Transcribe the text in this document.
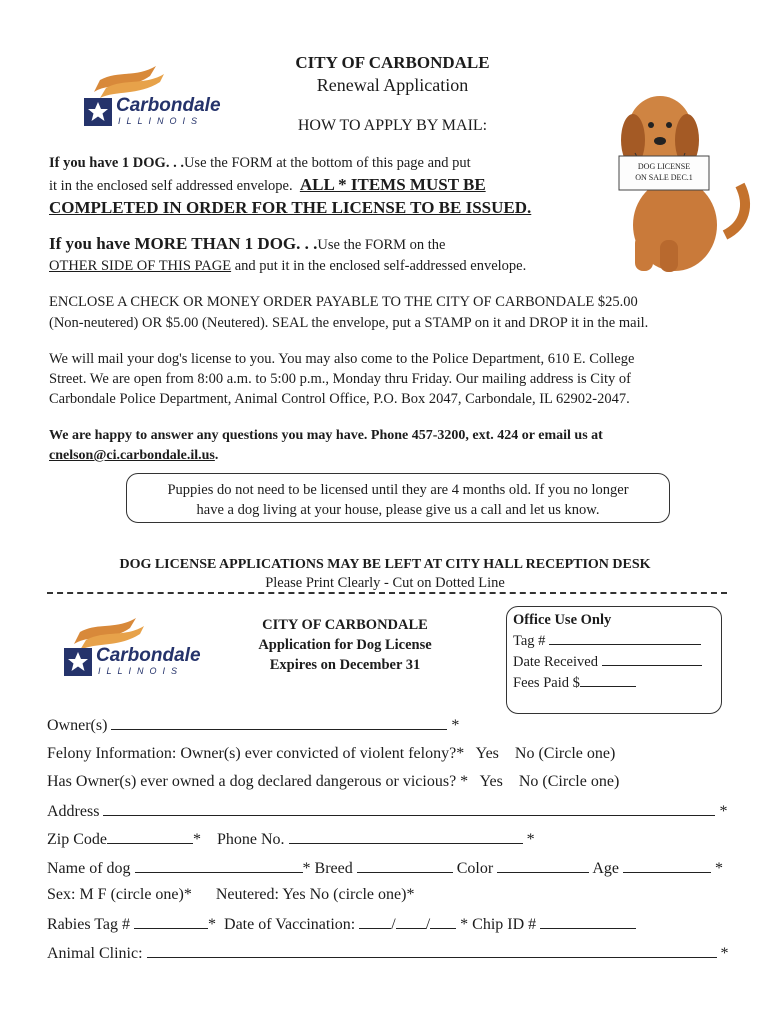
Carbondale
ILLINOIS
CITY OF CARBONDALE
Renewal Application
HOW TO APPLY BY MAIL:
DOG LICENSE
ON SALE DEC.1
If you have 1 DOG. . .Use the FORM at the bottom of this page and put
it in the enclosed self addressed envelope. ALL * ITEMS MUST BE
COMPLETED IN ORDER FOR THE LICENSE TO BE ISSUED.
If you have MORE THAN 1 DOG. . .Use the FORM on the
OTHER SIDE OF THIS PAGE and put it in the enclosed self-addressed envelope.
ENCLOSE A CHECK OR MONEY ORDER PAYABLE TO THE CITY OF CARBONDALE $25.00
(Non-neutered) OR $5.00 (Neutered). SEAL the envelope, put a STAMP on it and DROP it in the mail.
We will mail your dog's license to you. You may also come to the Police Department, 610 E. College
Street. We are open from 8:00 a.m. to 5:00 p.m., Monday thru Friday. Our mailing address is City of
Carbondale Police Department, Animal Control Office, P.O. Box 2047, Carbondale, IL 62902-2047.
We are happy to answer any questions you may have. Phone 457-3200, ext. 424 or email us at
cnelson@ci.carbondale.il.us.
Puppies do not need to be licensed until they are 4 months old. If you no longer
have a dog living at your house, please give us a call and let us know.
DOG LICENSE APPLICATIONS MAY BE LEFT AT CITY HALL RECEPTION DESK
Please Print Clearly - Cut on Dotted Line
Carbondale
ILLINOIS
CITY OF CARBONDALE
Application for Dog License
Expires on December 31
Office Use Only
Tag #
Date Received
Fees Paid $
Owner(s)	*
Felony Information: Owner(s) ever convicted of violent felony?* Yes No (Circle one)
Has Owner(s) ever owned a dog declared dangerous or vicious? * Yes No (Circle one)
Address	*
Zip Code	* Phone No.	*
Name of dog	* Breed	Color	Age	*
Sex: M F (circle one)* Neutered: Yes No (circle one)*
Rabies Tag #	* Date of Vaccination: / / * Chip ID #
Animal Clinic:	*
